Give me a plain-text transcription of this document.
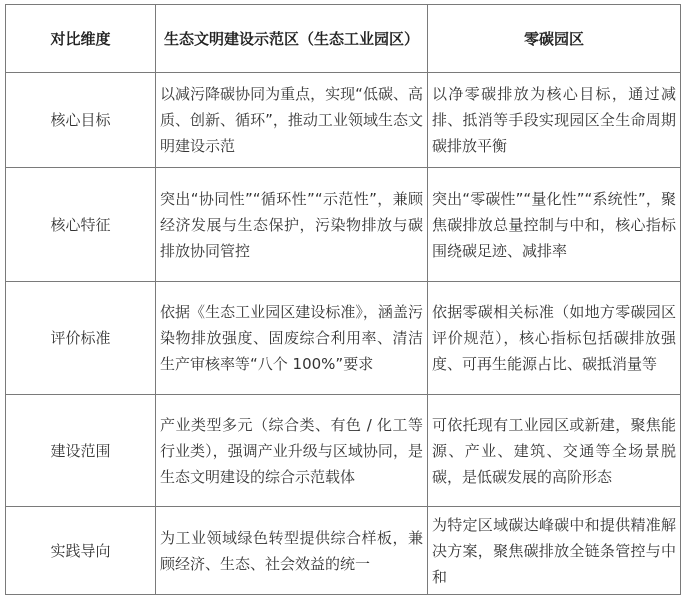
对比维度	生态文明建设示范区（生态工业园区）	零碳园区
核心目标	以减污降碳协同为重点，实现“低碳、高质、创新、循环”，推动工业领域生态文明建设示范	以净零碳排放为核心目标，通过减排、抵消等手段实现园区全生命周期碳排放平衡
核心特征	突出“协同性”“循环性”“示范性”，兼顾经济发展与生态保护，污染物排放与碳排放协同管控	突出“零碳性”“量化性”“系统性”，聚焦碳排放总量控制与中和，核心指标围绕碳足迹、减排率
评价标准	依据《生态工业园区建设标准》，涵盖污染物排放强度、固废综合利用率、清洁生产审核率等“八个 100%”要求	依据零碳相关标准（如地方零碳园区评价规范），核心指标包括碳排放强度、可再生能源占比、碳抵消量等
建设范围	产业类型多元（综合类、有色 / 化工等行业类），强调产业升级与区域协同，是生态文明建设的综合示范载体	可依托现有工业园区或新建，聚焦能源、产业、建筑、交通等全场景脱碳，是低碳发展的高阶形态
实践导向	为工业领域绿色转型提供综合样板，兼顾经济、生态、社会效益的统一	为特定区域碳达峰碳中和提供精准解决方案，聚焦碳排放全链条管控与中和
